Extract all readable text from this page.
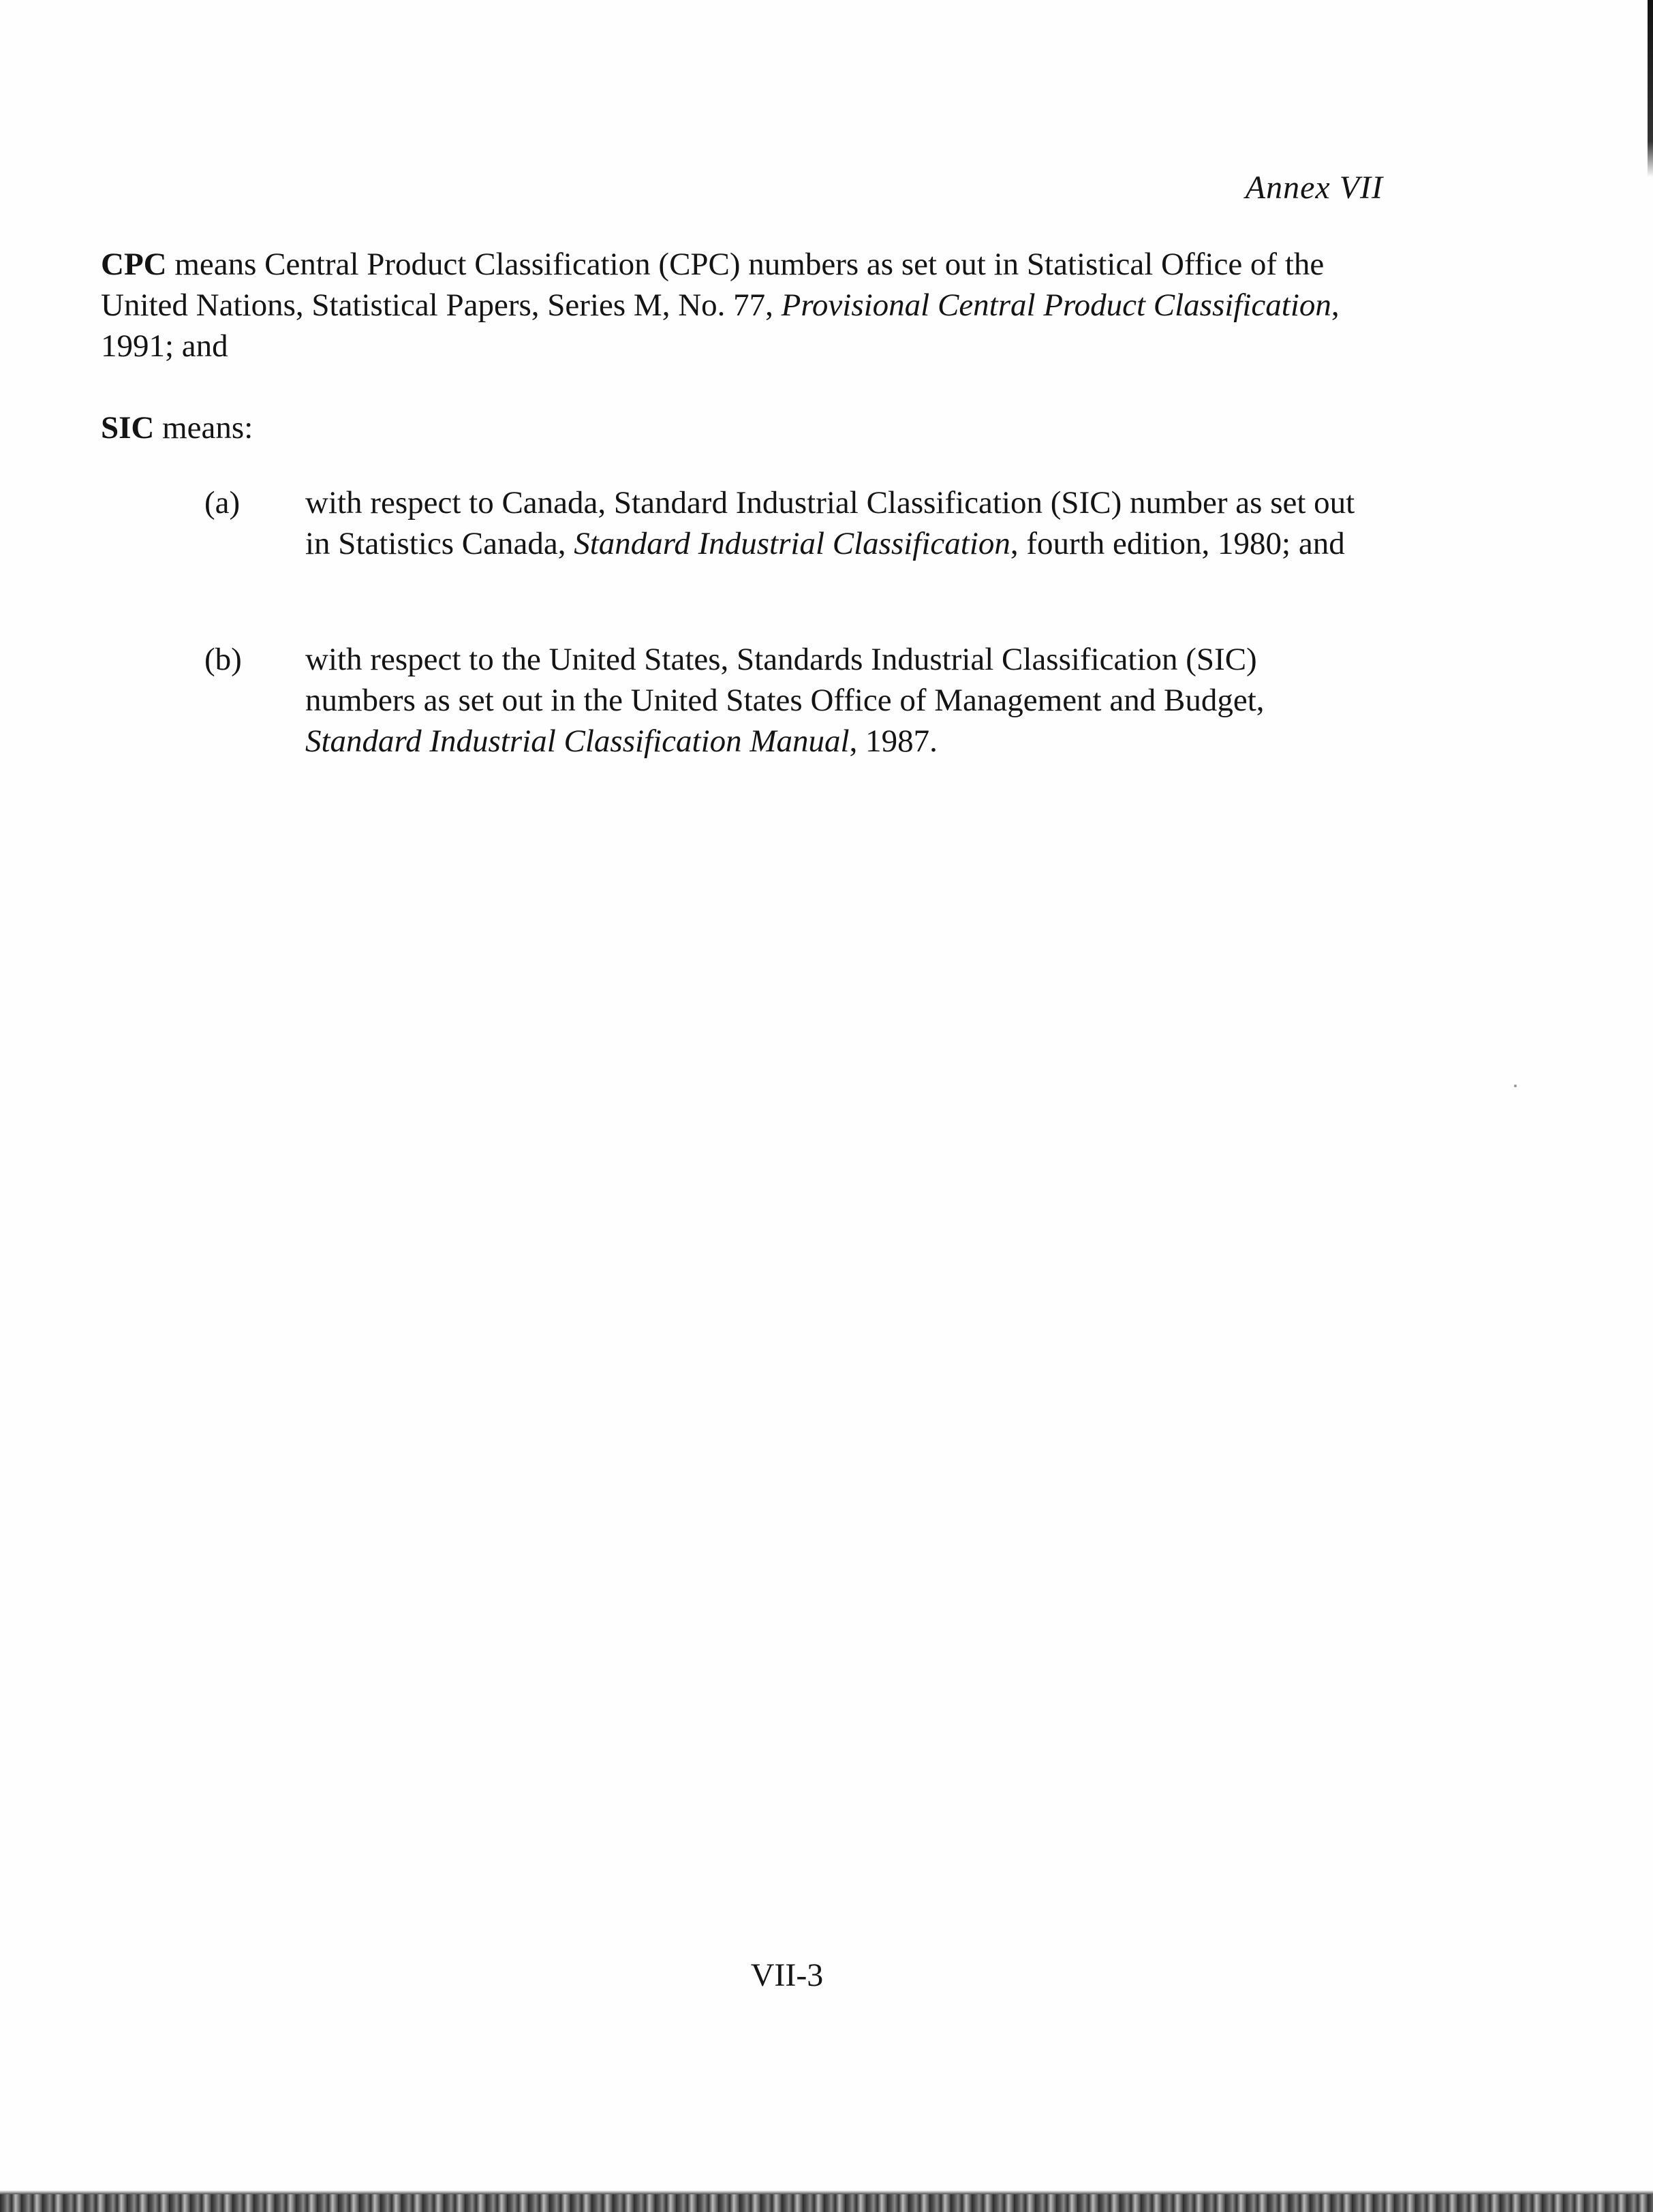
Annex VII

CPC means Central Product Classification (CPC) numbers as set out in Statistical Office of the United Nations, Statistical Papers, Series M, No. 77, Provisional Central Product Classification, 1991; and

SIC means:

(a) with respect to Canada, Standard Industrial Classification (SIC) number as set out in Statistics Canada, Standard Industrial Classification, fourth edition, 1980; and
(b) with respect to the United States, Standards Industrial Classification (SIC) numbers as set out in the United States Office of Management and Budget, Standard Industrial Classification Manual, 1987.
VII-3
